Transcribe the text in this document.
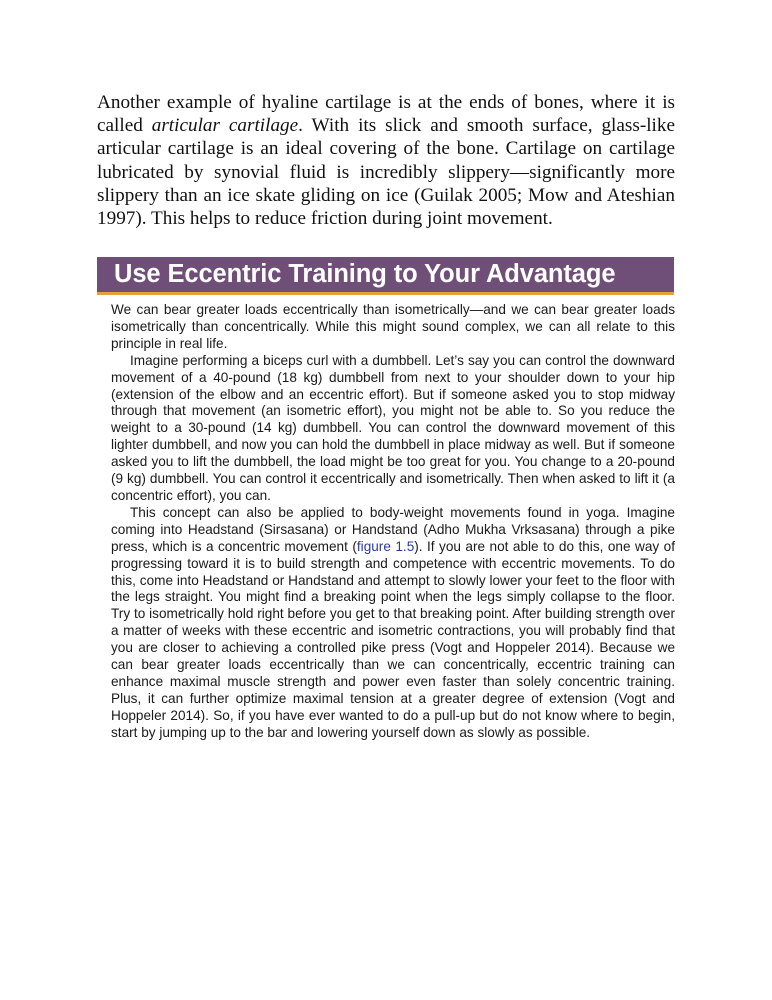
Another example of hyaline cartilage is at the ends of bones, where it is called articular cartilage. With its slick and smooth surface, glass-like articular cartilage is an ideal covering of the bone. Cartilage on cartilage lubricated by synovial fluid is incredibly slippery—significantly more slippery than an ice skate gliding on ice (Guilak 2005; Mow and Ateshian 1997). This helps to reduce friction during joint movement.

Use Eccentric Training to Your Advantage

We can bear greater loads eccentrically than isometrically—and we can bear greater loads isometrically than concentrically. While this might sound complex, we can all relate to this principle in real life.

Imagine performing a biceps curl with a dumbbell. Let’s say you can control the downward movement of a 40-pound (18 kg) dumbbell from next to your shoulder down to your hip (extension of the elbow and an eccentric effort). But if someone asked you to stop midway through that movement (an isometric effort), you might not be able to. So you reduce the weight to a 30-pound (14 kg) dumbbell. You can control the downward movement of this lighter dumbbell, and now you can hold the dumbbell in place midway as well. But if someone asked you to lift the dumbbell, the load might be too great for you. You change to a 20-pound (9 kg) dumbbell. You can control it eccentrically and isometrically. Then when asked to lift it (a concentric effort), you can.

This concept can also be applied to body-weight movements found in yoga. Imagine coming into Headstand (Sirsasana) or Handstand (Adho Mukha Vrksasana) through a pike press, which is a concentric movement (figure 1.5). If you are not able to do this, one way of progressing toward it is to build strength and competence with eccentric movements. To do this, come into Headstand or Handstand and attempt to slowly lower your feet to the floor with the legs straight. You might find a breaking point when the legs simply collapse to the floor. Try to isometrically hold right before you get to that breaking point. After building strength over a matter of weeks with these eccentric and isometric contractions, you will probably find that you are closer to achieving a controlled pike press (Vogt and Hoppeler 2014). Because we can bear greater loads eccentrically than we can concentrically, eccentric training can enhance maximal muscle strength and power even faster than solely concentric training. Plus, it can further optimize maximal tension at a greater degree of extension (Vogt and Hoppeler 2014). So, if you have ever wanted to do a pull-up but do not know where to begin, start by jumping up to the bar and lowering yourself down as slowly as possible.
